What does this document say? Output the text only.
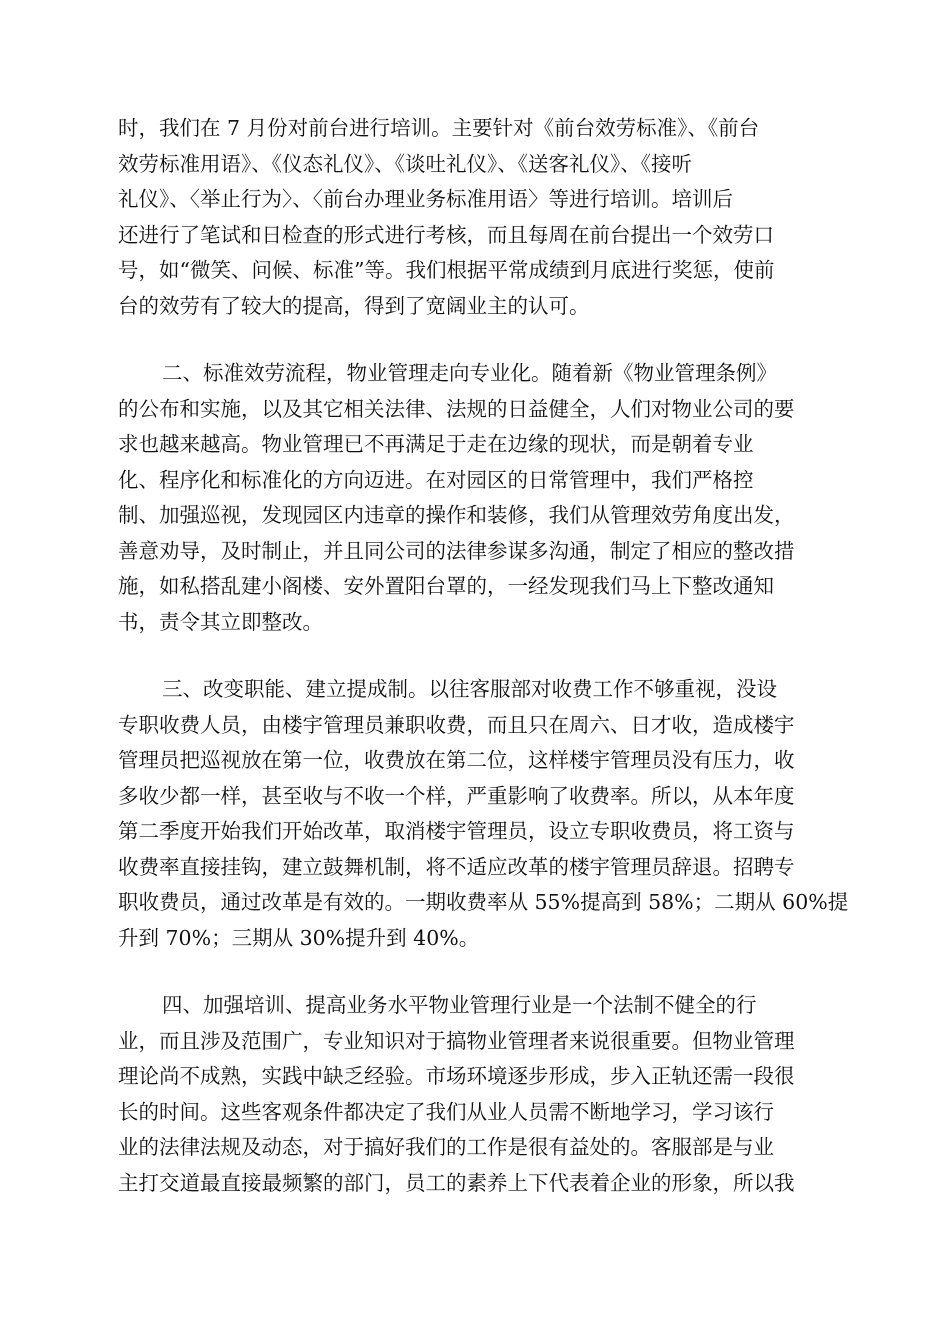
时，我们在 7 月份对前台进行培训。主要针对《前台效劳标准》、《前台
效劳标准用语》、《仪态礼仪》、《谈吐礼仪》、《送客礼仪》、《接听
礼仪》、〈举止行为〉、〈前台办理业务标准用语〉等进行培训。培训后
还进行了笔试和日检查的形式进行考核，而且每周在前台提出一个效劳口
号，如“微笑、问候、标准”等。我们根据平常成绩到月底进行奖惩，使前
台的效劳有了较大的提高，得到了宽阔业主的认可。
二、标准效劳流程，物业管理走向专业化。随着新《物业管理条例》
的公布和实施，以及其它相关法律、法规的日益健全，人们对物业公司的要
求也越来越高。物业管理已不再满足于走在边缘的现状，而是朝着专业
化、程序化和标准化的方向迈进。在对园区的日常管理中，我们严格控
制、加强巡视，发现园区内违章的操作和装修，我们从管理效劳角度出发，
善意劝导，及时制止，并且同公司的法律参谋多沟通，制定了相应的整改措
施，如私搭乱建小阁楼、安外置阳台罩的，一经发现我们马上下整改通知
书，责令其立即整改。
三、改变职能、建立提成制。以往客服部对收费工作不够重视，没设
专职收费人员，由楼宇管理员兼职收费，而且只在周六、日才收，造成楼宇
管理员把巡视放在第一位，收费放在第二位，这样楼宇管理员没有压力，收
多收少都一样，甚至收与不收一个样，严重影响了收费率。所以，从本年度
第二季度开始我们开始改革，取消楼宇管理员，设立专职收费员，将工资与
收费率直接挂钩，建立鼓舞机制，将不适应改革的楼宇管理员辞退。招聘专
职收费员，通过改革是有效的。一期收费率从 55%提高到 58%；二期从 60%提
升到 70%；三期从 30%提升到 40%。
四、加强培训、提高业务水平物业管理行业是一个法制不健全的行
业，而且涉及范围广，专业知识对于搞物业管理者来说很重要。但物业管理
理论尚不成熟，实践中缺乏经验。市场环境逐步形成，步入正轨还需一段很
长的时间。这些客观条件都决定了我们从业人员需不断地学习，学习该行
业的法律法规及动态，对于搞好我们的工作是很有益处的。客服部是与业
主打交道最直接最频繁的部门，员工的素养上下代表着企业的形象，所以我
